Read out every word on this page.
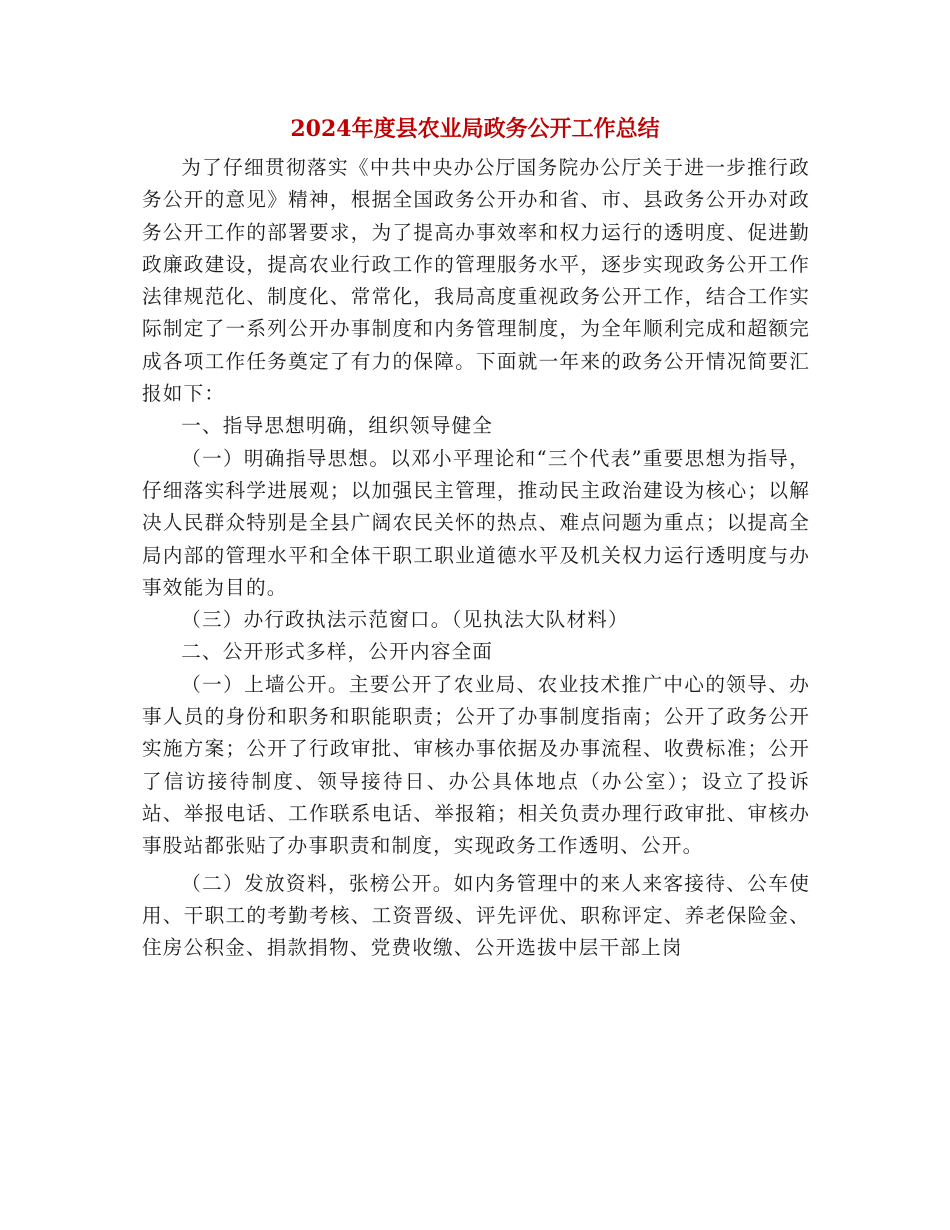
2024年度县农业局政务公开工作总结

为了仔细贯彻落实《中共中央办公厅国务院办公厅关于进一步推行政务公开的意见》精神，根据全国政务公开办和省、市、县政务公开办对政务公开工作的部署要求，为了提高办事效率和权力运行的透明度、促进勤政廉政建设，提高农业行政工作的管理服务水平，逐步实现政务公开工作法律规范化、制度化、常常化，我局高度重视政务公开工作，结合工作实际制定了一系列公开办事制度和内务管理制度，为全年顺利完成和超额完成各项工作任务奠定了有力的保障。下面就一年来的政务公开情况简要汇报如下：

一、指导思想明确，组织领导健全

（一）明确指导思想。以邓小平理论和“三个代表”重要思想为指导，仔细落实科学进展观；以加强民主管理，推动民主政治建设为核心；以解决人民群众特别是全县广阔农民关怀的热点、难点问题为重点；以提高全局内部的管理水平和全体干职工职业道德水平及机关权力运行透明度与办事效能为目的。

（三）办行政执法示范窗口。（见执法大队材料）

二、公开形式多样，公开内容全面

（一）上墙公开。主要公开了农业局、农业技术推广中心的领导、办事人员的身份和职务和职能职责；公开了办事制度指南；公开了政务公开实施方案；公开了行政审批、审核办事依据及办事流程、收费标准；公开了信访接待制度、领导接待日、办公具体地点（办公室）；设立了投诉站、举报电话、工作联系电话、举报箱；相关负责办理行政审批、审核办事股站都张贴了办事职责和制度，实现政务工作透明、公开。

（二）发放资料，张榜公开。如内务管理中的来人来客接待、公车使用、干职工的考勤考核、工资晋级、评先评优、职称评定、养老保险金、住房公积金、捐款捐物、党费收缴、公开选拔中层干部上岗
